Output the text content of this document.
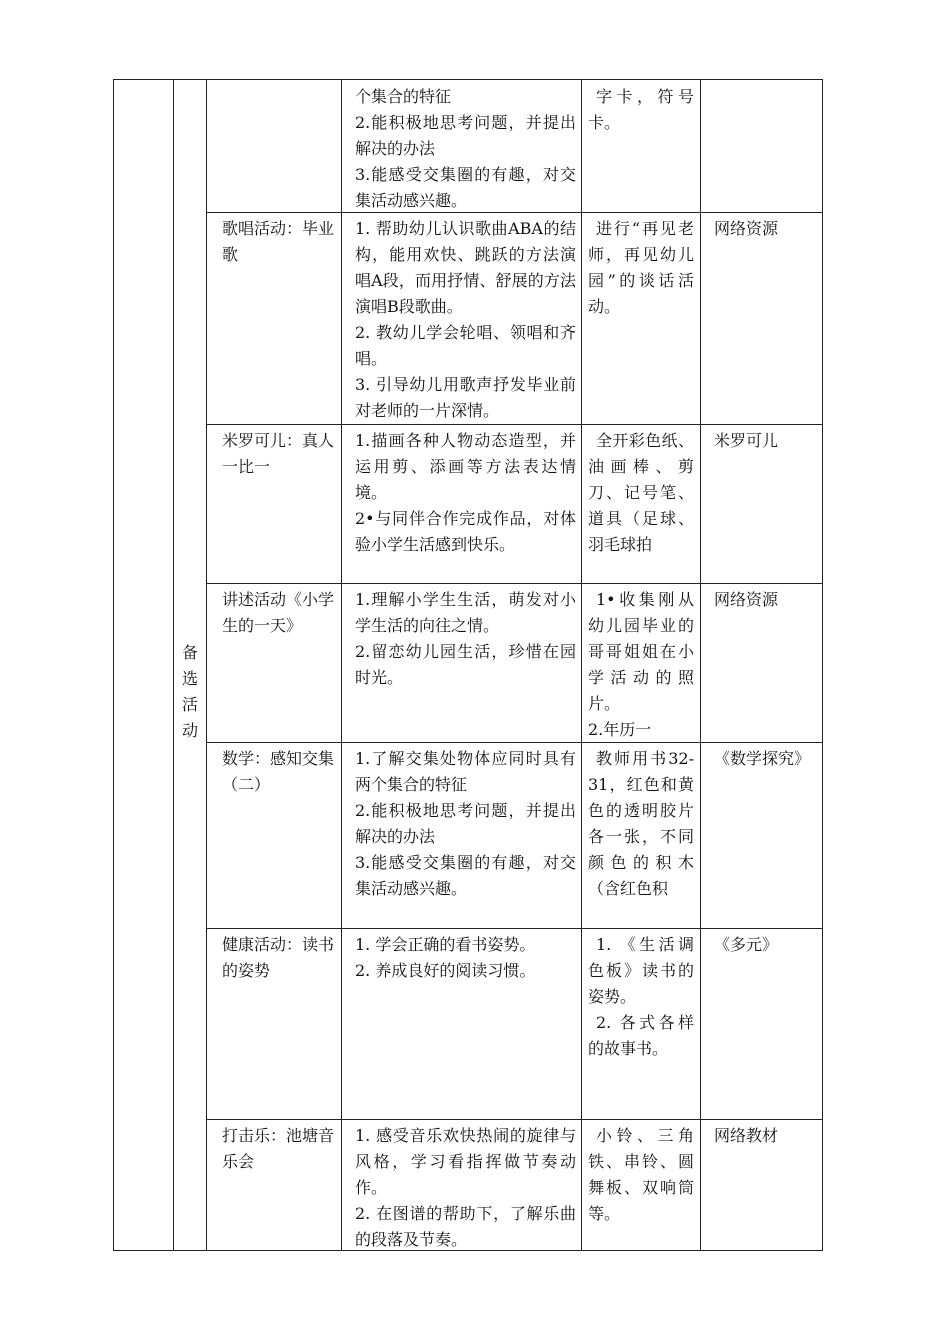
备
选
活
动
个集合的特征
2.能积极地思考问题，并提出解决的办法
3.能感受交集圈的有趣，对交集活动感兴趣。
字卡，符号卡。
歌唱活动：毕业歌
1. 帮助幼儿认识歌曲ABA的结构，能用欢快、跳跃的方法演唱A段，而用抒情、舒展的方法演唱B段歌曲。
2. 教幼儿学会轮唱、领唱和齐唱。
3. 引导幼儿用歌声抒发毕业前对老师的一片深情。
进行“再见老师，再见幼儿园”的谈话活动。
网络资源
米罗可儿：真人一比一
1.描画各种人物动态造型，并运用剪、添画等方法表达情境。
2•与同伴合作完成作品，对体验小学生活感到快乐。
全开彩色纸、油画棒、剪刀、记号笔、道具（足球、羽毛球拍
米罗可儿
讲述活动《小学生的一天》
1.理解小学生生活，萌发对小学生活的向往之情。
2.留恋幼儿园生活，珍惜在园时光。
1•收集刚从幼儿园毕业的哥哥姐姐在小学活动的照片。
2.年历一
网络资源
数学：感知交集（二）
1.了解交集处物体应同时具有两个集合的特征
2.能积极地思考问题，并提出解决的办法
3.能感受交集圈的有趣，对交集活动感兴趣。
教师用书32-31，红色和黄色的透明胶片各一张，不同颜色的积木（含红色积
《数学探究》
健康活动：读书的姿势
1. 学会正确的看书姿势。
2. 养成良好的阅读习惯。
1. 《生活调色板》读书的姿势。
2. 各式各样的故事书。
《多元》
打击乐：池塘音乐会
1. 感受音乐欢快热闹的旋律与风格，学习看指挥做节奏动作。
2. 在图谱的帮助下，了解乐曲的段落及节奏。
小铃、三角铁、串铃、圆舞板、双响筒等。
网络教材
